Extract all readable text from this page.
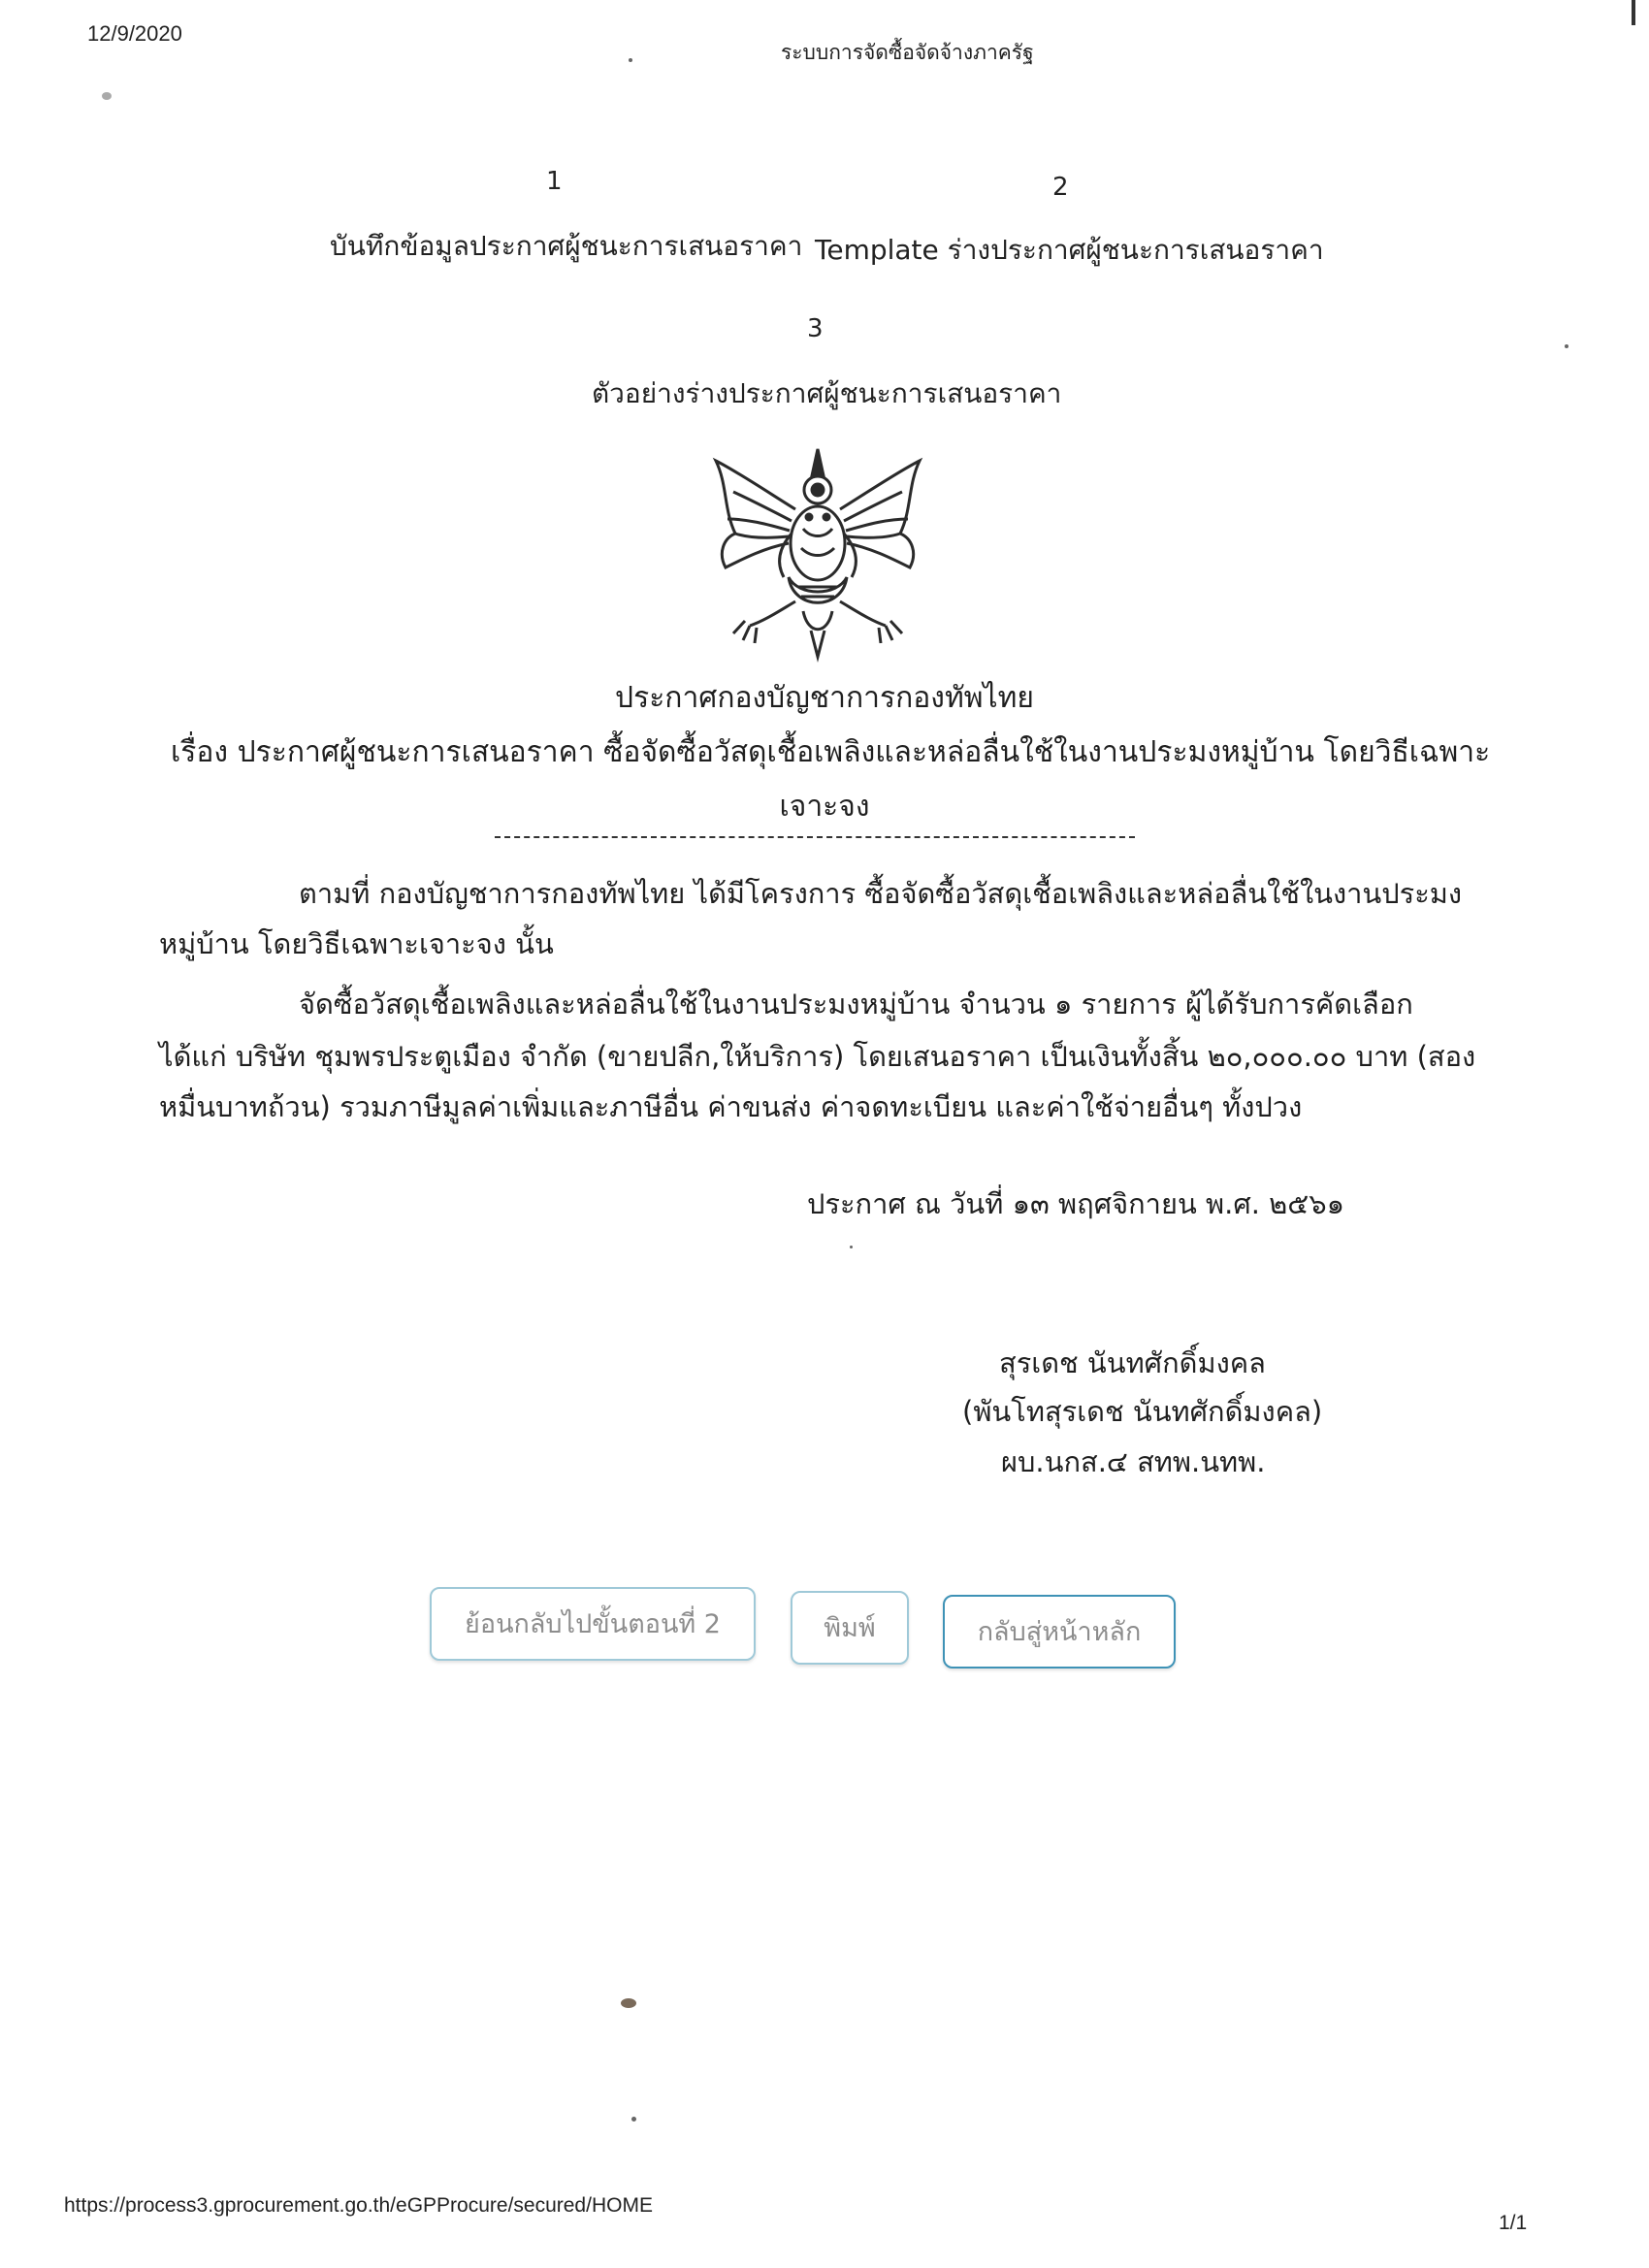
12/9/2020
ระบบการจัดซื้อจัดจ้างภาครัฐ
1
บันทึกข้อมูลประกาศผู้ชนะการเสนอราคา
2
Template ร่างประกาศผู้ชนะการเสนอราคา
3
ตัวอย่างร่างประกาศผู้ชนะการเสนอราคา
ประกาศกองบัญชาการกองทัพไทย
เรื่อง ประกาศผู้ชนะการเสนอราคา ซื้อจัดซื้อวัสดุเชื้อเพลิงและหล่อลื่นใช้ในงานประมงหมู่บ้าน โดยวิธีเฉพาะ
เจาะจง
ตามที่ กองบัญชาการกองทัพไทย ได้มีโครงการ ซื้อจัดซื้อวัสดุเชื้อเพลิงและหล่อลื่นใช้ในงานประมง
หมู่บ้าน โดยวิธีเฉพาะเจาะจง นั้น
จัดซื้อวัสดุเชื้อเพลิงและหล่อลื่นใช้ในงานประมงหมู่บ้าน จำนวน ๑ รายการ ผู้ได้รับการคัดเลือก
ได้แก่ บริษัท ชุมพรประตูเมือง จำกัด (ขายปลีก,ให้บริการ) โดยเสนอราคา เป็นเงินทั้งสิ้น ๒๐,๐๐๐.๐๐ บาท (สอง
หมื่นบาทถ้วน) รวมภาษีมูลค่าเพิ่มและภาษีอื่น ค่าขนส่ง ค่าจดทะเบียน และค่าใช้จ่ายอื่นๆ ทั้งปวง
ประกาศ ณ วันที่ ๑๓ พฤศจิกายน พ.ศ. ๒๕๖๑
สุรเดช นันทศักดิ์มงคล
(พันโทสุรเดช นันทศักดิ์มงคล)
ผบ.นกส.๔ สทพ.นทพ.
ย้อนกลับไปขั้นตอนที่ 2	พิมพ์	กลับสู่หน้าหลัก
https://process3.gprocurement.go.th/eGPProcure/secured/HOME
1/1
